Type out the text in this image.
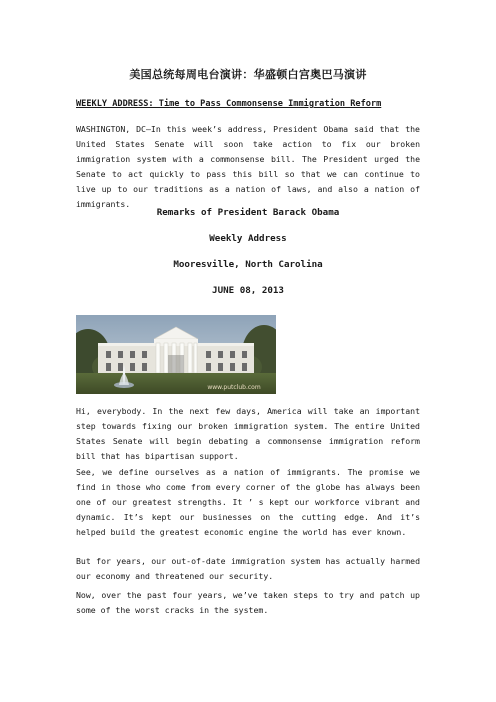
美国总统每周电台演讲：华盛顿白宫奥巴马演讲
WEEKLY ADDRESS: Time to Pass Commonsense Immigration Reform

WASHINGTON, DC—In this week’s address, President Obama said that the United States Senate will soon take action to fix our broken immigration system with a commonsense bill. The President urged the Senate to act quickly to pass this bill so that we can continue to live up to our traditions as a nation of laws, and also a nation of immigrants.

Remarks of President Barack Obama
Weekly Address
Mooresville, North Carolina
JUNE 08, 2013
www.putclub.com

Hi, everybody. In the next few days, America will take an important step towards fixing our broken immigration system. The entire United States Senate will begin debating a commonsense immigration reform bill that has bipartisan support.

See, we define ourselves as a nation of immigrants. The promise we find in those who come from every corner of the globe has always been one of our greatest strengths. It ’ s kept our workforce vibrant and dynamic. It’s kept our businesses on the cutting edge. And it’s helped build the greatest economic engine the world has ever known.

But for years, our out-of-date immigration system has actually harmed our economy and threatened our security.

Now, over the past four years, we’ve taken steps to try and patch up some of the worst cracks in the system.
